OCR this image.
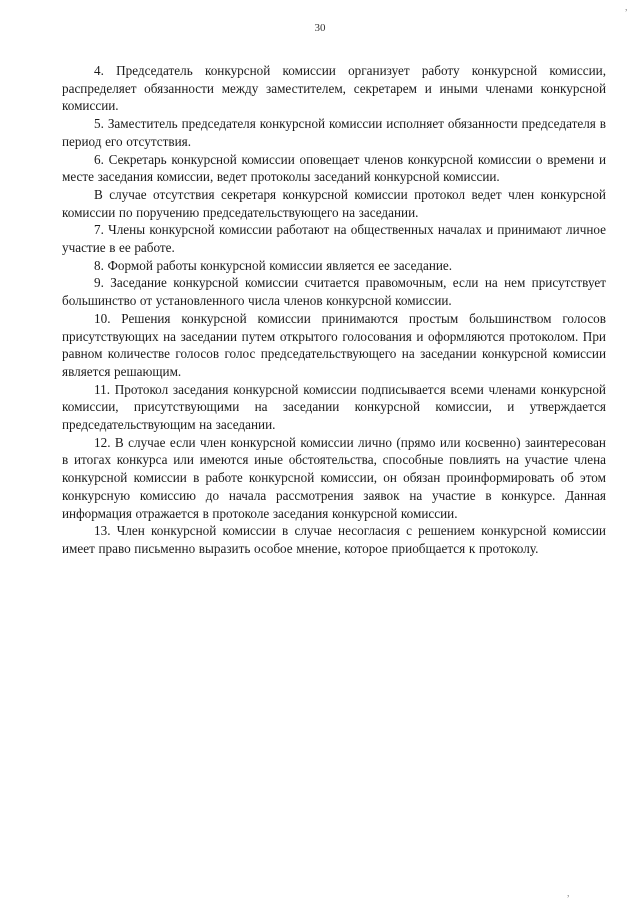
,
30

4. Председатель конкурсной комиссии организует работу конкурсной комиссии, распределяет обязанности между заместителем, секретарем и иными членами конкурсной комиссии.

5. Заместитель председателя конкурсной комиссии исполняет обязанности председателя в период его отсутствия.

6. Секретарь конкурсной комиссии оповещает членов конкурсной комиссии о времени и месте заседания комиссии, ведет протоколы заседаний конкурсной комиссии.

В случае отсутствия секретаря конкурсной комиссии протокол ведет член конкурсной комиссии по поручению председательствующего на заседании.

7. Члены конкурсной комиссии работают на общественных началах и принимают личное участие в ее работе.

8. Формой работы конкурсной комиссии является ее заседание.

9. Заседание конкурсной комиссии считается правомочным, если на нем присутствует большинство от установленного числа членов конкурсной комиссии.

10. Решения конкурсной комиссии принимаются простым большинством голосов присутствующих на заседании путем открытого голосования и оформляются протоколом. При равном количестве голосов голос председательствующего на заседании конкурсной комиссии является решающим.

11. Протокол заседания конкурсной комиссии подписывается всеми членами конкурсной комиссии, присутствующими на заседании конкурсной комиссии, и утверждается председательствующим на заседании.

12. В случае если член конкурсной комиссии лично (прямо или косвенно) заинтересован в итогах конкурса или имеются иные обстоятельства, способные повлиять на участие члена конкурсной комиссии в работе конкурсной комиссии, он обязан проинформировать об этом конкурсную комиссию до начала рассмотрения заявок на участие в конкурсе. Данная информация отражается в протоколе заседания конкурсной комиссии.

13. Член конкурсной комиссии в случае несогласия с решением конкурсной комиссии имеет право письменно выразить особое мнение, которое приобщается к протоколу.

,
